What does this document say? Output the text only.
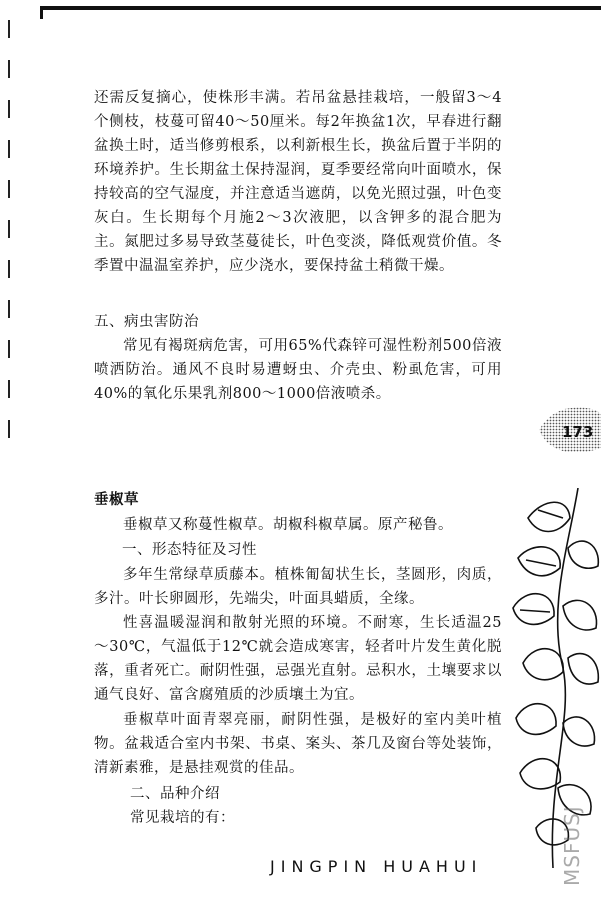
还需反复摘心，使株形丰满。若吊盆悬挂栽培，一般留3～4个侧枝，枝蔓可留40～50厘米。每2年换盆1次，早春进行翻盆换土时，适当修剪根系，以利新根生长，换盆后置于半阴的环境养护。生长期盆土保持湿润，夏季要经常向叶面喷水，保持较高的空气湿度，并注意适当遮荫，以免光照过强，叶色变灰白。生长期每个月施2～3次液肥，以含钾多的混合肥为主。氮肥过多易导致茎蔓徒长，叶色变淡，降低观赏价值。冬季置中温温室养护，应少浇水，要保持盆土稍微干燥。

五、病虫害防治

常见有褐斑病危害，可用65%代森锌可湿性粉剂500倍液喷洒防治。通风不良时易遭蚜虫、介壳虫、粉虱危害，可用40%的氧化乐果乳剂800～1000倍液喷杀。

垂椒草

垂椒草又称蔓性椒草。胡椒科椒草属。原产秘鲁。

一、形态特征及习性

多年生常绿草质藤本。植株匍匐状生长，茎圆形，肉质，多汁。叶长卵圆形，先端尖，叶面具蜡质，全缘。

性喜温暖湿润和散射光照的环境。不耐寒，生长适温25～30℃，气温低于12℃就会造成寒害，轻者叶片发生黄化脱落，重者死亡。耐阴性强，忌强光直射。忌积水，土壤要求以通气良好、富含腐殖质的沙质壤土为宜。

垂椒草叶面青翠亮丽，耐阴性强，是极好的室内美叶植物。盆栽适合室内书架、书桌、案头、茶几及窗台等处装饰，清新素雅，是悬挂观赏的佳品。

二、品种介绍

常见栽培的有：

173
JINGPIN HUAHUI	MSFUSJ
